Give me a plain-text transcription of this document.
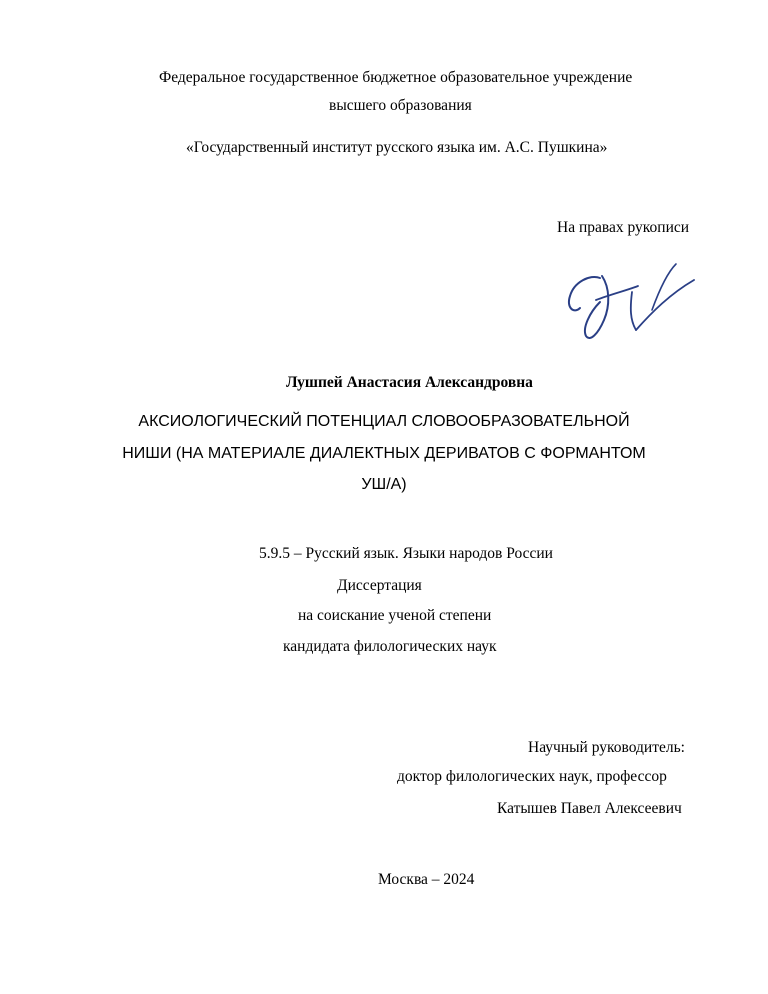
Федеральное государственное бюджетное образовательное учреждение
высшего образования
«Государственный институт русского языка им. А.С. Пушкина»
На правах рукописи
Лушпей Анастасия Александровна
АКСИОЛОГИЧЕСКИЙ ПОТЕНЦИАЛ СЛОВООБРАЗОВАТЕЛЬНОЙ
НИШИ (НА МАТЕРИАЛЕ ДИАЛЕКТНЫХ ДЕРИВАТОВ С ФОРМАНТОМ
УШ/А)
5.9.5 – Русский язык. Языки народов России
Диссертация
на соискание ученой степени
кандидата филологических наук
Научный руководитель:
доктор филологических наук, профессор
Катышев Павел Алексеевич
Москва – 2024
